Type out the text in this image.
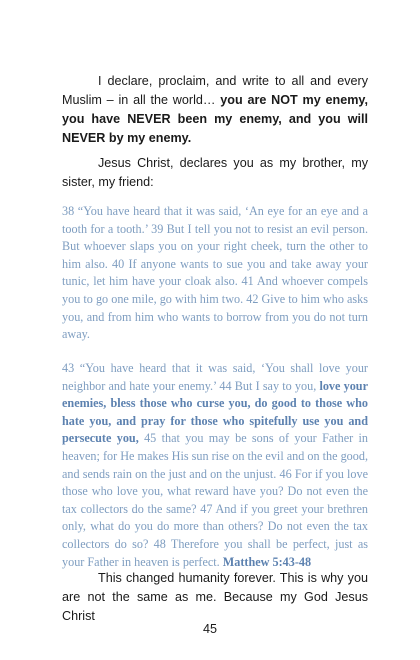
I declare, proclaim, and write to all and every Muslim – in all the world… you are NOT my enemy, you have NEVER been my enemy, and you will NEVER by my enemy.

Jesus Christ, declares you as my brother, my sister, my friend:

38 “You have heard that it was said, ‘An eye for an eye and a tooth for a tooth.’ 39 But I tell you not to resist an evil person. But whoever slaps you on your right cheek, turn the other to him also. 40 If anyone wants to sue you and take away your tunic, let him have your cloak also. 41 And whoever compels you to go one mile, go with him two. 42 Give to him who asks you, and from him who wants to borrow from you do not turn away.

43 “You have heard that it was said, ‘You shall love your neighbor and hate your enemy.’ 44 But I say to you, love your enemies, bless those who curse you, do good to those who hate you, and pray for those who spitefully use you and persecute you, 45 that you may be sons of your Father in heaven; for He makes His sun rise on the evil and on the good, and sends rain on the just and on the unjust. 46 For if you love those who love you, what reward have you? Do not even the tax collectors do the same? 47 And if you greet your brethren only, what do you do more than others? Do not even the tax collectors do so? 48 Therefore you shall be perfect, just as your Father in heaven is perfect. Matthew 5:43-48

This changed humanity forever. This is why you are not the same as me. Because my God Jesus Christ

45
